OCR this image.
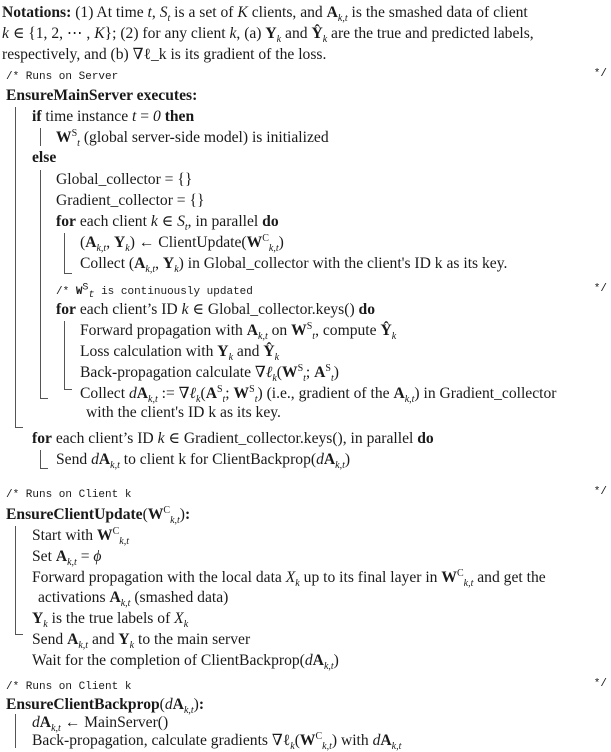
Notations: (1) At time t, $S_t$ is a set of K clients, and $A_{k,t}$ is the smashed data of client
k ∈ {1, 2, ⋯ , K}; (2) for any client k, (a) $Y_k$ and $Ŷ_k$ are the true and predicted labels,
respectively, and (b) ∇ℓ_k is its gradient of the loss.
/* Runs on Server	*/
EnsureMainServer executes:
if time instance t = 0 then
$W^S_t$ (global server-side model) is initialized
else
Global_collector = {}
Gradient_collector = {}
for each client k ∈ $S_t$, in parallel do
($A_{k,t}$, $Y_k$) ← $ClientUpdate(W^C_{k,t})$
Collect ($A_{k,t}$, $Y_k$) in Global_collector with the client's ID k as its key.
/* $W^S_t$ is continuously updated	*/
for each client’s ID k ∈ Global_collector.keys() do
Forward propagation with $A_{k,t}$ on $W^S_t$, compute $Ŷ_k$
Loss calculation with $Y_k$ and $Ŷ_k$
Back-propagation calculate $\nabla\ell_k(W^S_t$; $A^S_t$)
Collect $dA_{k,t}$ := $\nabla\ell_k(A^S_t$; $W^S_t$) (i.e., gradient of the $A_{k,t}$) in Gradient_collector
with the client's ID k as its key.
for each client’s ID k ∈ Gradient_collector.keys(), in parallel do
Send $dA_{k,t}$ to client k for $ClientBackprop(dA_{k,t})$
/* Runs on Client k	*/
$EnsureClientUpdate(W^C_{k,t})$:
Start with $W^C_{k,t}$
Set $A_{k,t} = \phi$
Forward propagation with the local data $X_k$ up to its final layer in $W^C_{k,t}$ and get the
activations $A_{k,t}$ (smashed data)
$Y_k$ is the true labels of $X_k$
Send $A_{k,t}$ and $Y_k$ to the main server
Wait for the completion of $ClientBackprop(dA_{k,t})$
/* Runs on Client k	*/
$EnsureClientBackprop(dA_{k,t})$:
$dA_{k,t}$ ← MainServer()
Back-propagation, calculate gradients $\nabla\ell_k(W^C_{k,t})$ with $dA_{k,t}$
